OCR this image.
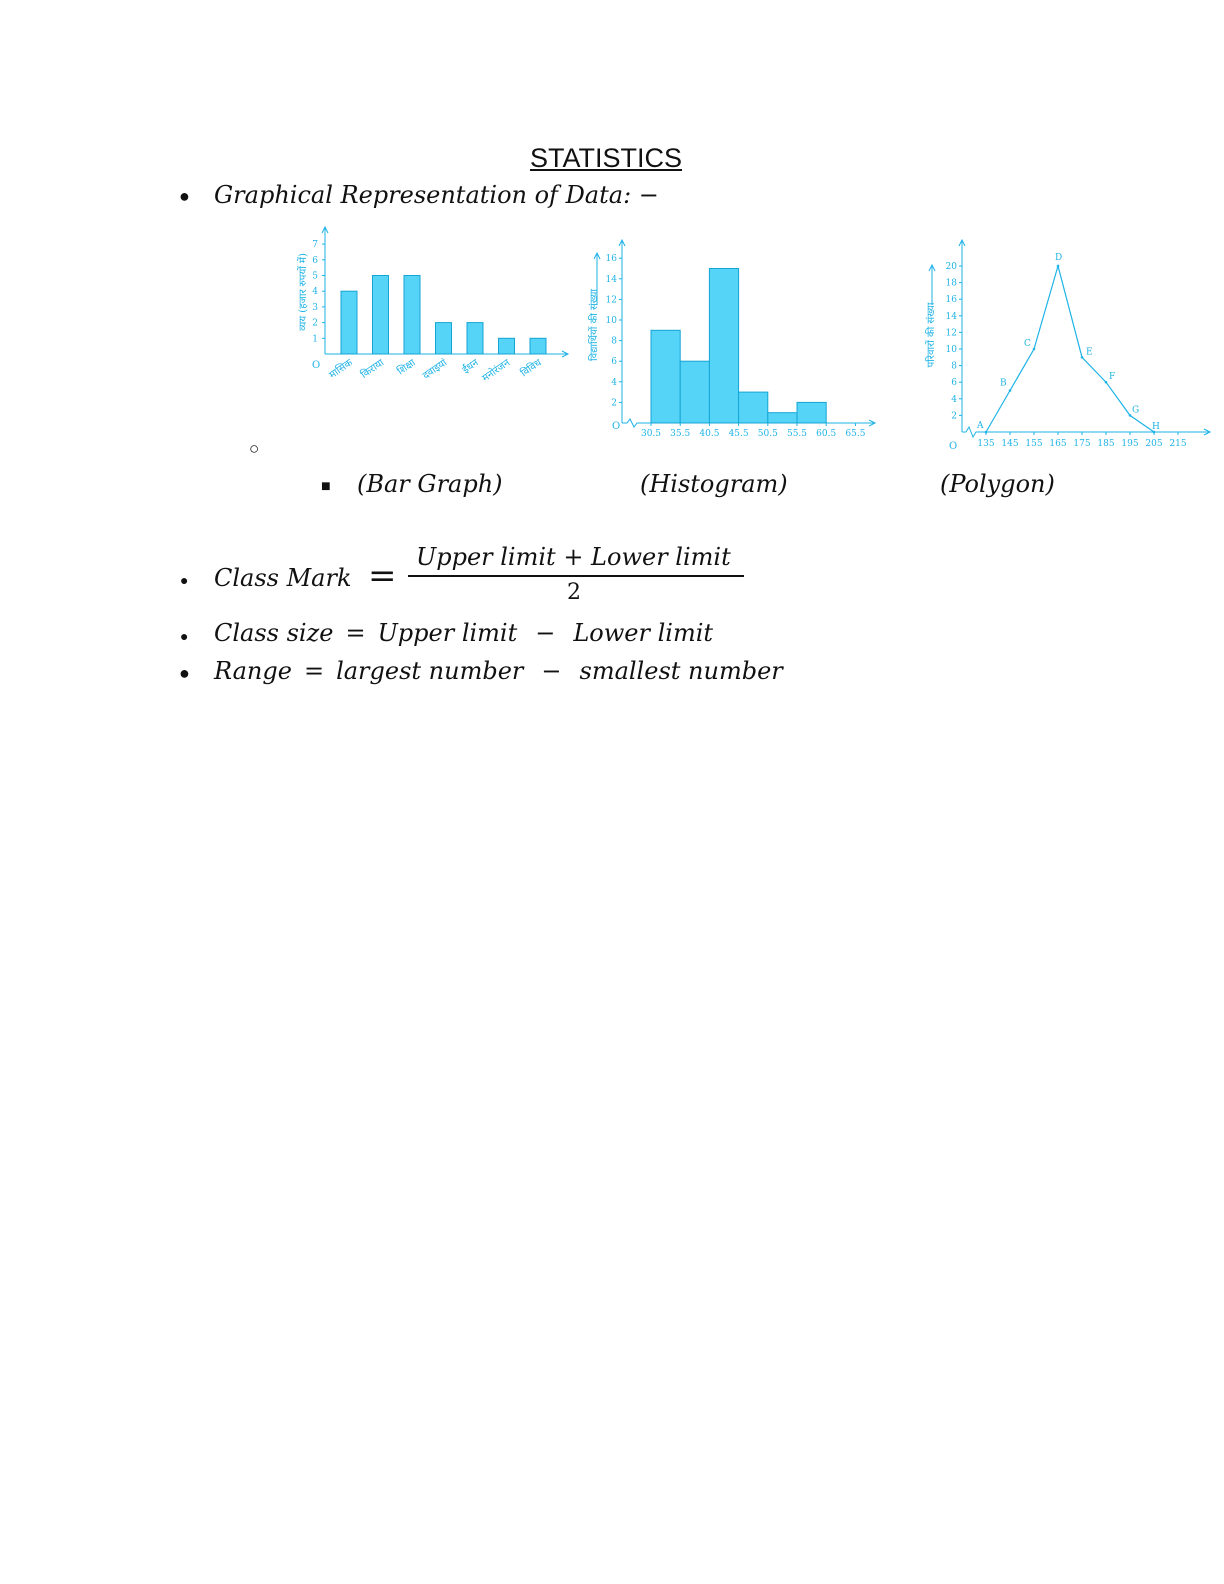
STATISTICS
● Graphical Representation of Data: −
व्यय (हजार रुपयों में)
O
1
2
3
4
5
6
7
मासिक किराया शिक्षा दवाइयां ईंधन मनोरंजन विविध
विद्यार्थियों की संख्या
O
2
4
6
8
10
12
14
16
30.5 35.5 40.5 45.5 50.5 55.5 60.5 65.5
परिवारों की संख्या
O
2
4
6
8
10
12
14
16
18
20
A
B
C
D
E
F
G
H
135 145 155 165 175 185 195 205 215
○
■ (Bar Graph)	(Histogram)	(Polygon)
● Class Mark = Upper limit + Lower limit
2
● Class size = Upper limit − Lower limit
● Range = largest number − smallest number
